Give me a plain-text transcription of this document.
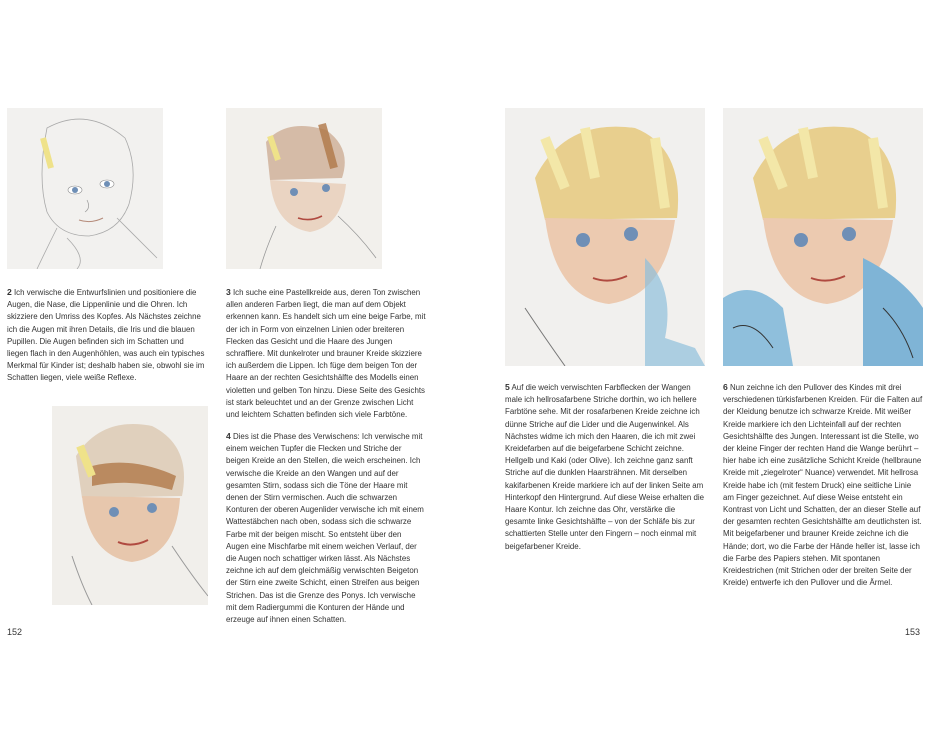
2 Ich verwische die Entwurfslinien und positioniere die Augen, die Nase, die Lippenlinie und die Ohren. Ich skizziere den Umriss des Kopfes. Als Nächstes zeichne ich die Augen mit ihren Details, die Iris und die blauen Pupillen. Die Augen befinden sich im Schatten und liegen flach in den Augenhöhlen, was auch ein typisches Merkmal für Kinder ist; deshalb haben sie, obwohl sie im Schatten liegen, viele weiße Reflexe.
3 Ich suche eine Pastellkreide aus, deren Ton zwischen allen anderen Farben liegt, die man auf dem Objekt erkennen kann. Es handelt sich um eine beige Farbe, mit der ich in Form von einzelnen Linien oder breiteren Flecken das Gesicht und die Haare des Jungen schraffiere. Mit dunkelroter und brauner Kreide skizziere ich außerdem die Lippen. Ich füge dem beigen Ton der Haare an der rechten Gesichtshälfte des Modells einen violetten und gelben Ton hinzu. Diese Seite des Gesichts ist stark beleuchtet und an der Grenze zwischen Licht und leichtem Schatten befinden sich viele Farbtöne.
4 Dies ist die Phase des Verwischens: Ich verwische mit einem weichen Tupfer die Flecken und Striche der beigen Kreide an den Stellen, die weich erscheinen. Ich verwische die Kreide an den Wangen und auf der gesamten Stirn, sodass sich die Töne der Haare mit denen der Stirn vermischen. Auch die schwarzen Konturen der oberen Augenlider verwische ich mit einem Wattestäbchen nach oben, sodass sich die schwarze Farbe mit der beigen mischt. So entsteht über den Augen eine Mischfarbe mit einem weichen Verlauf, der die Augen noch schattiger wirken lässt. Als Nächstes zeichne ich auf dem gleichmäßig verwischten Beigeton der Stirn eine zweite Schicht, einen Streifen aus beigen Strichen. Das ist die Grenze des Ponys. Ich verwische mit dem Radiergummi die Konturen der Hände und erzeuge auf ihnen einen Schatten.
5 Auf die weich verwischten Farbflecken der Wangen male ich hellrosafarbene Striche dorthin, wo ich hellere Farbtöne sehe. Mit der rosafarbenen Kreide zeichne ich dünne Striche auf die Lider und die Augenwinkel. Als Nächstes widme ich mich den Haaren, die ich mit zwei Kreidefarben auf die beigefarbene Schicht zeichne. Hellgelb und Kaki (oder Olive). Ich zeichne ganz sanft Striche auf die dunklen Haarsträhnen. Mit derselben kakifarbenen Kreide markiere ich auf der linken Seite am Hinterkopf den Hintergrund. Auf diese Weise erhalten die Haare Kontur. Ich zeichne das Ohr, verstärke die gesamte linke Gesichtshälfte – von der Schläfe bis zur schattierten Stelle unter den Fingern – noch einmal mit beigefarbener Kreide.
6 Nun zeichne ich den Pullover des Kindes mit drei verschiedenen türkisfarbenen Kreiden. Für die Falten auf der Kleidung benutze ich schwarze Kreide. Mit weißer Kreide markiere ich den Lichteinfall auf der rechten Gesichtshälfte des Jungen. Interessant ist die Stelle, wo der kleine Finger der rechten Hand die Wange berührt – hier habe ich eine zusätzliche Schicht Kreide (hellbraune Kreide mit „ziegelroter“ Nuance) verwendet. Mit hellrosa Kreide habe ich (mit festem Druck) eine seitliche Linie am Finger gezeichnet. Auf diese Weise entsteht ein Kontrast von Licht und Schatten, der an dieser Stelle auf der gesamten rechten Gesichtshälfte am deutlichsten ist. Mit beigefarbener und brauner Kreide zeichne ich die Hände; dort, wo die Farbe der Hände heller ist, lasse ich die Farbe des Papiers stehen. Mit spontanen Kreidestrichen (mit Strichen oder der breiten Seite der Kreide) entwerfe ich den Pullover und die Ärmel.
152	153
